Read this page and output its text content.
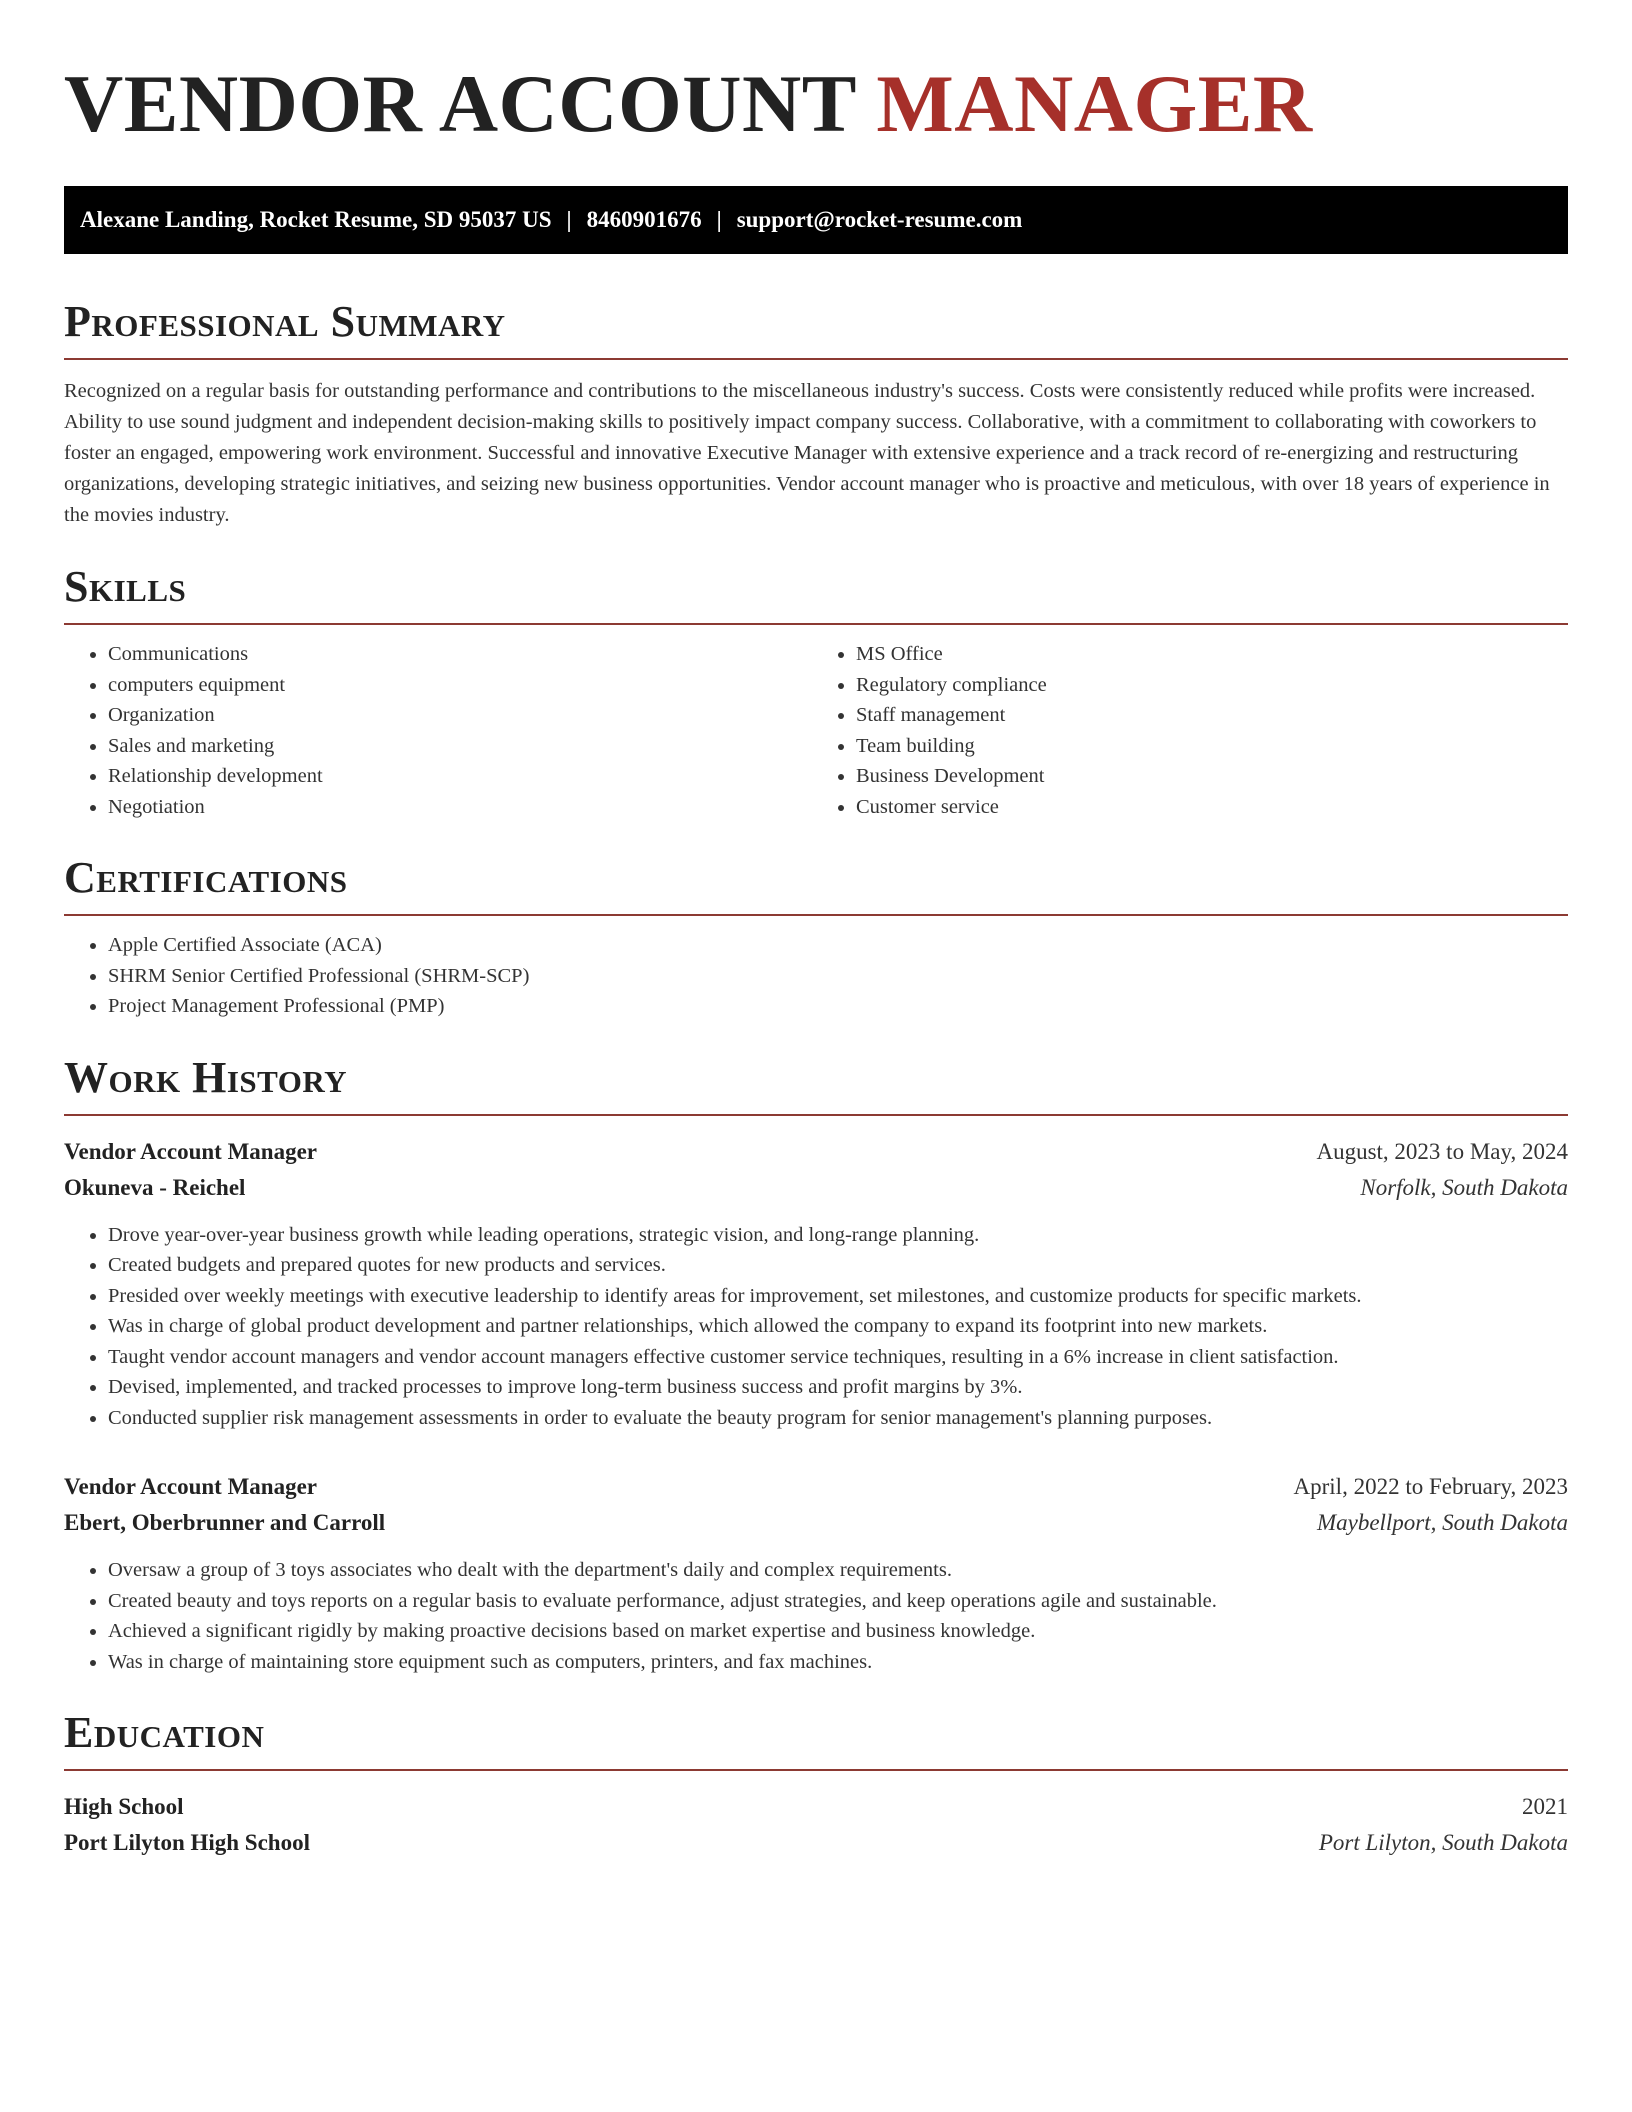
VENDOR ACCOUNT MANAGER
Alexane Landing, Rocket Resume, SD 95037 US | 8460901676 | support@rocket-resume.com
Professional Summary

Recognized on a regular basis for outstanding performance and contributions to the miscellaneous industry's success. Costs were consistently reduced while profits were increased. Ability to use sound judgment and independent decision-making skills to positively impact company success. Collaborative, with a commitment to collaborating with coworkers to foster an engaged, empowering work environment. Successful and innovative Executive Manager with extensive experience and a track record of re-energizing and restructuring organizations, developing strategic initiatives, and seizing new business opportunities. Vendor account manager who is proactive and meticulous, with over 18 years of experience in the movies industry.

Skills
• Communications
• computers equipment
• Organization
• Sales and marketing
• Relationship development
• Negotiation
• MS Office
• Regulatory compliance
• Staff management
• Team building
• Business Development
• Customer service
Certifications
• Apple Certified Associate (ACA)
• SHRM Senior Certified Professional (SHRM-SCP)
• Project Management Professional (PMP)
Work History
Vendor Account Manager	August, 2023 to May, 2024
Okuneva - Reichel	Norfolk, South Dakota
• Drove year-over-year business growth while leading operations, strategic vision, and long-range planning.
• Created budgets and prepared quotes for new products and services.
• Presided over weekly meetings with executive leadership to identify areas for improvement, set milestones, and customize products for specific markets.
• Was in charge of global product development and partner relationships, which allowed the company to expand its footprint into new markets.
• Taught vendor account managers and vendor account managers effective customer service techniques, resulting in a 6% increase in client satisfaction.
• Devised, implemented, and tracked processes to improve long-term business success and profit margins by 3%.
• Conducted supplier risk management assessments in order to evaluate the beauty program for senior management's planning purposes.
Vendor Account Manager	April, 2022 to February, 2023
Ebert, Oberbrunner and Carroll	Maybellport, South Dakota
• Oversaw a group of 3 toys associates who dealt with the department's daily and complex requirements.
• Created beauty and toys reports on a regular basis to evaluate performance, adjust strategies, and keep operations agile and sustainable.
• Achieved a significant rigidly by making proactive decisions based on market expertise and business knowledge.
• Was in charge of maintaining store equipment such as computers, printers, and fax machines.
Education
High School	2021
Port Lilyton High School	Port Lilyton, South Dakota
